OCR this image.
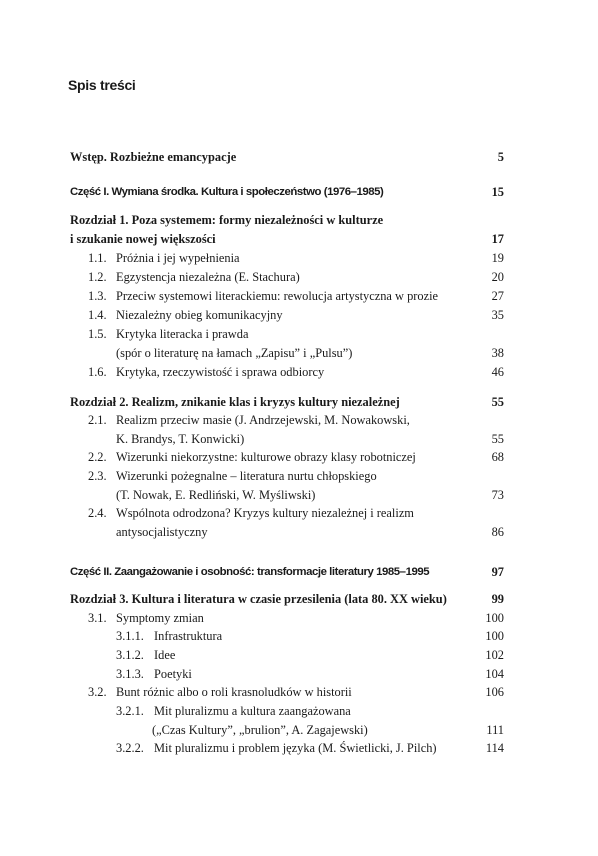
Spis treści
Wstęp. Rozbieżne emancypacje	5
Część I. Wymiana środka. Kultura i społeczeństwo (1976–1985)	15
Rozdział 1. Poza systemem: formy niezależności w kulturze
i szukanie nowej większości	17
1.1. Próżnia i jej wypełnienia	19
1.2. Egzystencja niezależna (E. Stachura)	20
1.3. Przeciw systemowi literackiemu: rewolucja artystyczna w prozie	27
1.4. Niezależny obieg komunikacyjny	35
1.5. Krytyka literacka i prawda
(spór o literaturę na łamach „Zapisu” i „Pulsu”)	38
1.6. Krytyka, rzeczywistość i sprawa odbiorcy	46
Rozdział 2. Realizm, znikanie klas i kryzys kultury niezależnej	55
2.1. Realizm przeciw masie (J. Andrzejewski, M. Nowakowski,
K. Brandys, T. Konwicki)	55
2.2. Wizerunki niekorzystne: kulturowe obrazy klasy robotniczej	68
2.3. Wizerunki pożegnalne – literatura nurtu chłopskiego
(T. Nowak, E. Redliński, W. Myśliwski)	73
2.4. Wspólnota odrodzona? Kryzys kultury niezależnej i realizm
antysocjalistyczny	86
Część II. Zaangażowanie i osobność: transformacje literatury 1985–1995	97
Rozdział 3. Kultura i literatura w czasie przesilenia (lata 80. XX wieku)	99
3.1. Symptomy zmian	100
3.1.1. Infrastruktura	100
3.1.2. Idee	102
3.1.3. Poetyki	104
3.2. Bunt różnic albo o roli krasnoludków w historii	106
3.2.1. Mit pluralizmu a kultura zaangażowana
(„Czas Kultury”, „brulion”, A. Zagajewski)	111
3.2.2. Mit pluralizmu i problem języka (M. Świetlicki, J. Pilch)	114
